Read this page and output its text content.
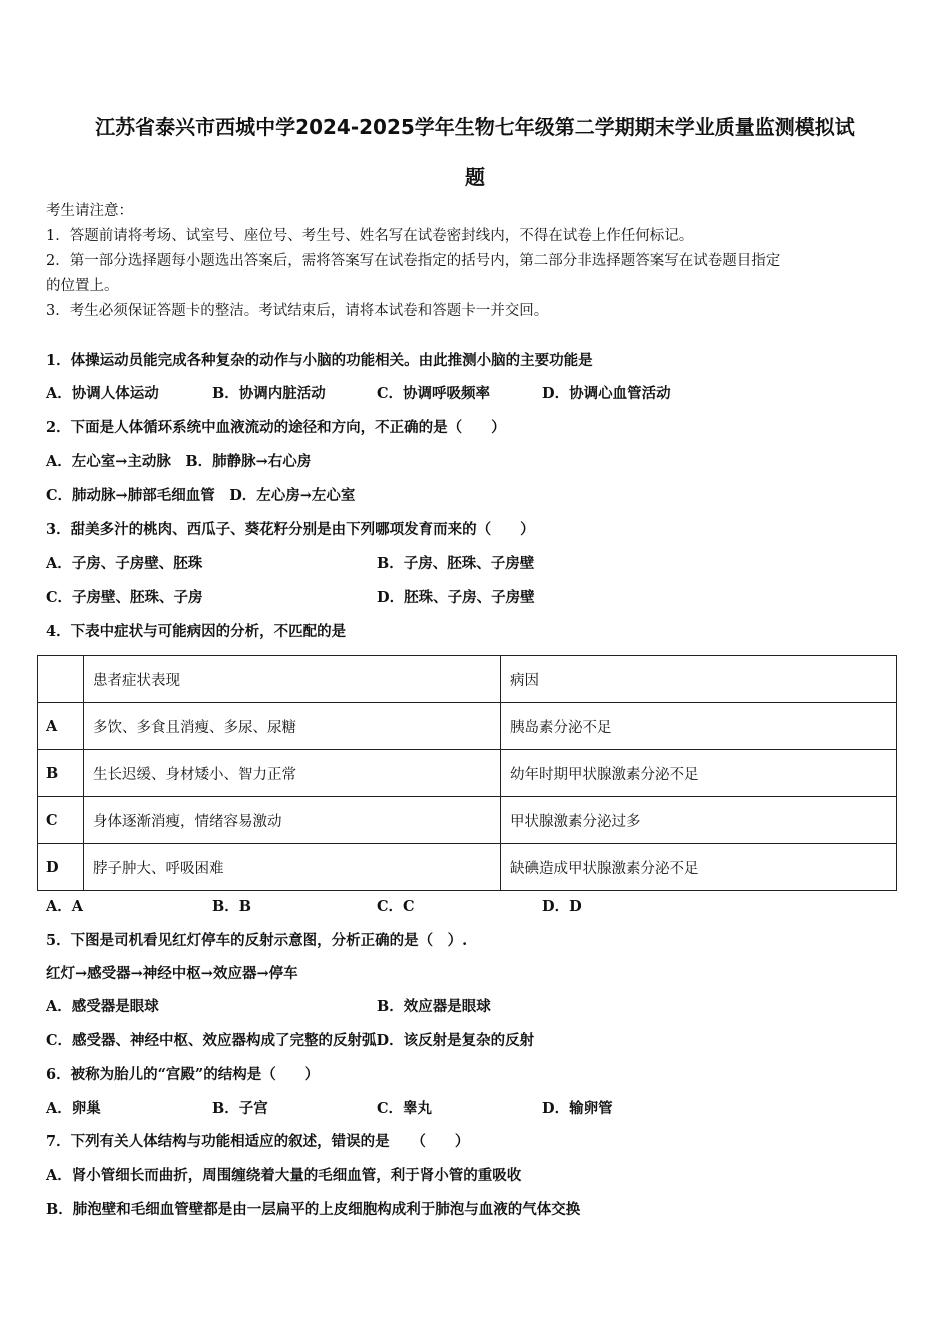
江苏省泰兴市西城中学2024-2025学年生物七年级第二学期期末学业质量监测模拟试
题
考生请注意：
1．答题前请将考场、试室号、座位号、考生号、姓名写在试卷密封线内，不得在试卷上作任何标记。
2．第一部分选择题每小题选出答案后，需将答案写在试卷指定的括号内，第二部分非选择题答案写在试卷题目指定
的位置上。
3．考生必须保证答题卡的整洁。考试结束后，请将本试卷和答题卡一并交回。
1．体操运动员能完成各种复杂的动作与小脑的功能相关。由此推测小脑的主要功能是
A．协调人体运动	B．协调内脏活动	C．协调呼吸频率	D．协调心血管活动
2．下面是人体循环系统中血液流动的途径和方向，不正确的是（　　）
A．左心室→主动脉　B．肺静脉→右心房
C．肺动脉→肺部毛细血管　D．左心房→左心室
3．甜美多汁的桃肉、西瓜子、葵花籽分别是由下列哪项发育而来的（　　）
A．子房、子房壁、胚珠	B．子房、胚珠、子房壁
C．子房壁、胚珠、子房	D．胚珠、子房、子房壁
4．下表中症状与可能病因的分析，不匹配的是
	患者症状表现	病因
A	多饮、多食且消瘦、多尿、尿糖	胰岛素分泌不足
B	生长迟缓、身材矮小、智力正常	幼年时期甲状腺激素分泌不足
C	身体逐渐消瘦，情绪容易激动	甲状腺激素分泌过多
D	脖子肿大、呼吸困难	缺碘造成甲状腺激素分泌不足
A．A	B．B	C．C	D．D
5．下图是司机看见红灯停车的反射示意图，分析正确的是（　）.
红灯→感受器→神经中枢→效应器→停车
A．感受器是眼球	B．效应器是眼球
C．感受器、神经中枢、效应器构成了完整的反射弧D．该反射是复杂的反射
6．被称为胎儿的“宫殿”的结构是（　　）
A．卵巢	B．子宫	C．睾丸	D．输卵管
7．下列有关人体结构与功能相适应的叙述，错误的是　　（　　）
A．肾小管细长而曲折，周围缠绕着大量的毛细血管，利于肾小管的重吸收
B．肺泡壁和毛细血管壁都是由一层扁平的上皮细胞构成利于肺泡与血液的气体交换
